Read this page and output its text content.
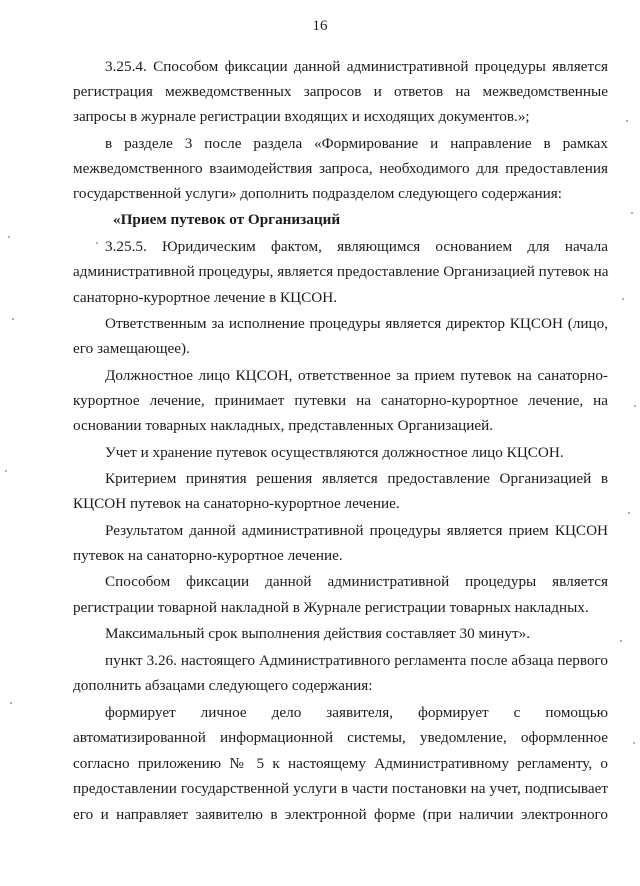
16
3.25.4. Способом фиксации данной административной процедуры является
регистрация межведомственных запросов и ответов на межведомственные
запросы в журнале регистрации входящих и исходящих документов.»;
в разделе 3 после раздела «Формирование и направление в рамках
межведомственного взаимодействия запроса, необходимого для предоставления
государственной услуги» дополнить подразделом следующего содержания:
«Прием путевок от Организаций
3.25.5. Юридическим фактом, являющимся основанием для начала
административной процедуры, является предоставление Организацией путевок на
санаторно-курортное лечение в КЦСОН.
Ответственным за исполнение процедуры является директор КЦСОН (лицо,
его замещающее).
Должностное лицо КЦСОН, ответственное за прием путевок на санаторно-
курортное лечение, принимает путевки на санаторно-курортное лечение, на
основании товарных накладных, представленных Организацией.
Учет и хранение путевок осуществляются должностное лицо КЦСОН.
Критерием принятия решения является предоставление Организацией в
КЦСОН путевок на санаторно-курортное лечение.
Результатом данной административной процедуры является прием КЦСОН
путевок на санаторно-курортное лечение.
Способом фиксации данной административной процедуры является
регистрации товарной накладной в Журнале регистрации товарных накладных.
Максимальный срок выполнения действия составляет 30 минут».
пункт 3.26. настоящего Административного регламента после абзаца первого
дополнить абзацами следующего содержания:
формирует личное дело заявителя, формирует с помощью
автоматизированной информационной системы, уведомление, оформленное
согласно приложению № 5 к настоящему Административному регламенту, о
предоставлении государственной услуги в части постановки на учет, подписывает
его и направляет заявителю в электронной форме (при наличии электронного
